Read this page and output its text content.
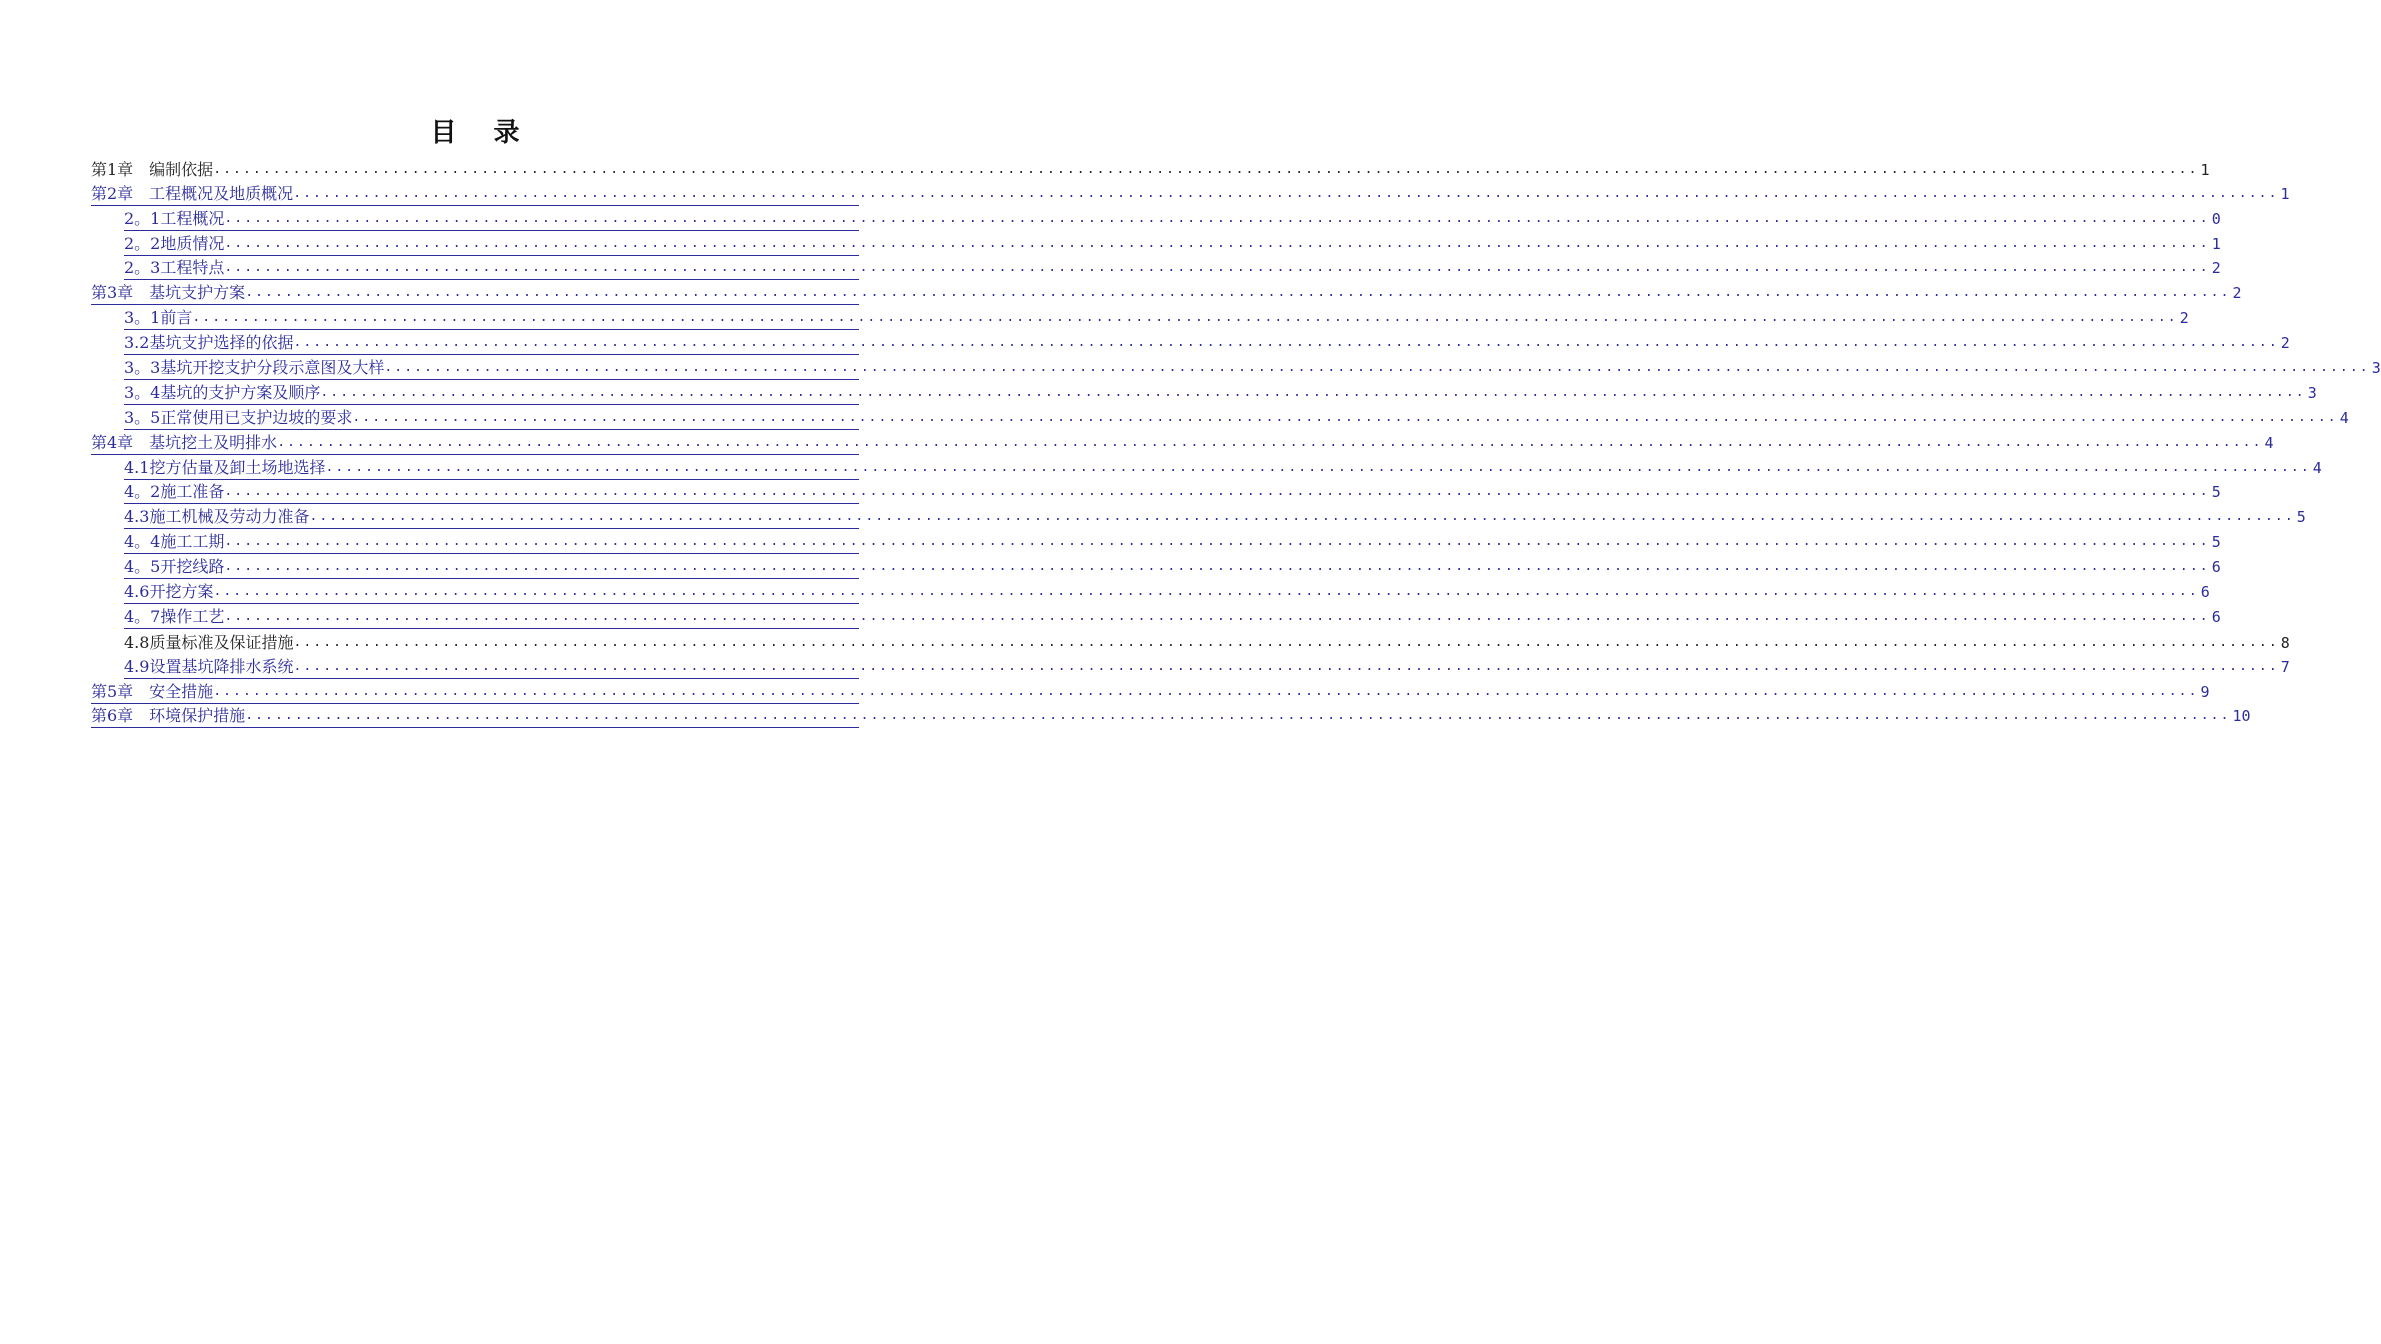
目 录
第1章　编制依据 ........................................................................................................................................................................................................ 1
第2章　工程概况及地质概况 ........................................................................................................................................................................................................ 1
2。1工程概况 ........................................................................................................................................................................................................ 0
2。2地质情况 ........................................................................................................................................................................................................ 1
2。3工程特点 ........................................................................................................................................................................................................ 2
第3章　基坑支护方案 ........................................................................................................................................................................................................ 2
3。1前言 ........................................................................................................................................................................................................ 2
3.2基坑支护选择的依据 ........................................................................................................................................................................................................ 2
3。3基坑开挖支护分段示意图及大样 ........................................................................................................................................................................................................ 3
3。4基坑的支护方案及顺序 ........................................................................................................................................................................................................ 3
3。5正常使用已支护边坡的要求 ........................................................................................................................................................................................................ 4
第4章　基坑挖土及明排水 ........................................................................................................................................................................................................ 4
4.1挖方估量及卸土场地选择 ........................................................................................................................................................................................................ 4
4。2施工准备 ........................................................................................................................................................................................................ 5
4.3施工机械及劳动力准备 ........................................................................................................................................................................................................ 5
4。4施工工期 ........................................................................................................................................................................................................ 5
4。5开挖线路 ........................................................................................................................................................................................................ 6
4.6开挖方案 ........................................................................................................................................................................................................ 6
4。7操作工艺 ........................................................................................................................................................................................................ 6
4.8质量标准及保证措施 ........................................................................................................................................................................................................ 8
4.9设置基坑降排水系统 ........................................................................................................................................................................................................ 7
第5章　安全措施 ........................................................................................................................................................................................................ 9
第6章　环境保护措施 ........................................................................................................................................................................................................ 10
